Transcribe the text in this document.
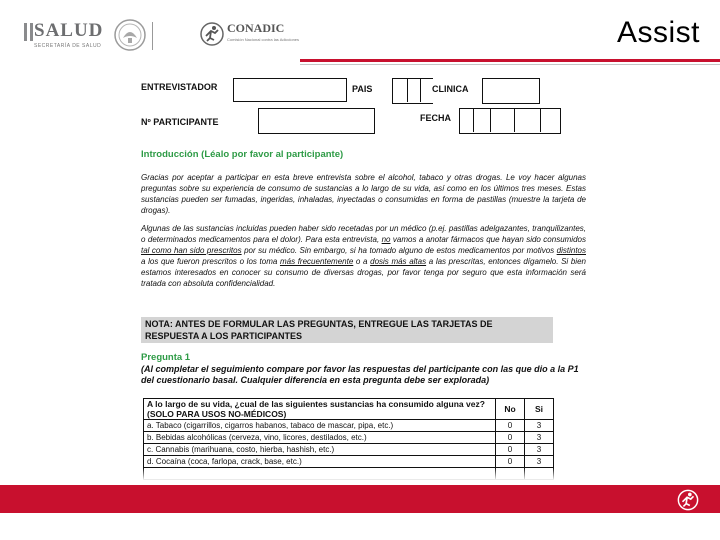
SALUD
SECRETARÍA DE SALUD
CONADIC
Comisión Nacional contra las Adicciones	Assist
ENTREVISTADOR	PAIS	CLINICA
Nº PARTICIPANTE	FECHA
Introducción (Léalo por favor al participante)
Gracias por aceptar a participar en esta breve entrevista sobre el alcohol, tabaco y otras drogas. Le voy hacer algunas preguntas sobre su experiencia de consumo de sustancias a lo largo de su vida, así como en los últimos tres meses. Estas sustancias pueden ser fumadas, ingeridas, inhaladas, inyectadas o consumidas en forma de pastillas (muestre la tarjeta de drogas).
Algunas de las sustancias incluidas pueden haber sido recetadas por un médico (p.ej. pastillas adelgazantes, tranquilizantes, o determinados medicamentos para el dolor). Para esta entrevista, no vamos a anotar fármacos que hayan sido consumidos tal como han sido prescritos por su médico. Sin embargo, si ha tomado alguno de estos medicamentos por motivos distintos a los que fueron prescritos o los toma más frecuentemente o a dosis más altas a las prescritas, entonces dígamelo. Si bien estamos interesados en conocer su consumo de diversas drogas, por favor tenga por seguro que esta información será tratada con absoluta confidencialidad.
NOTA: ANTES DE FORMULAR LAS PREGUNTAS, ENTREGUE LAS TARJETAS DE RESPUESTA A LOS PARTICIPANTES
Pregunta 1
(Al completar el seguimiento compare por favor las respuestas del participante con las que dio a la P1 del cuestionario basal. Cualquier diferencia en esta pregunta debe ser explorada)
A lo largo de su vida, ¿cual de las siguientes sustancias ha consumido alguna vez? (SOLO PARA USOS NO-MÉDICOS)	No	Si
a. Tabaco (cigarrillos, cigarros habanos, tabaco de mascar, pipa, etc.)	0	3
b. Bebidas alcohólicas (cerveza, vino, licores, destilados, etc.)	0	3
c. Cannabis (marihuana, costo, hierba, hashish, etc.)	0	3
d. Cocaína (coca, farlopa, crack, base, etc.)	0	3
